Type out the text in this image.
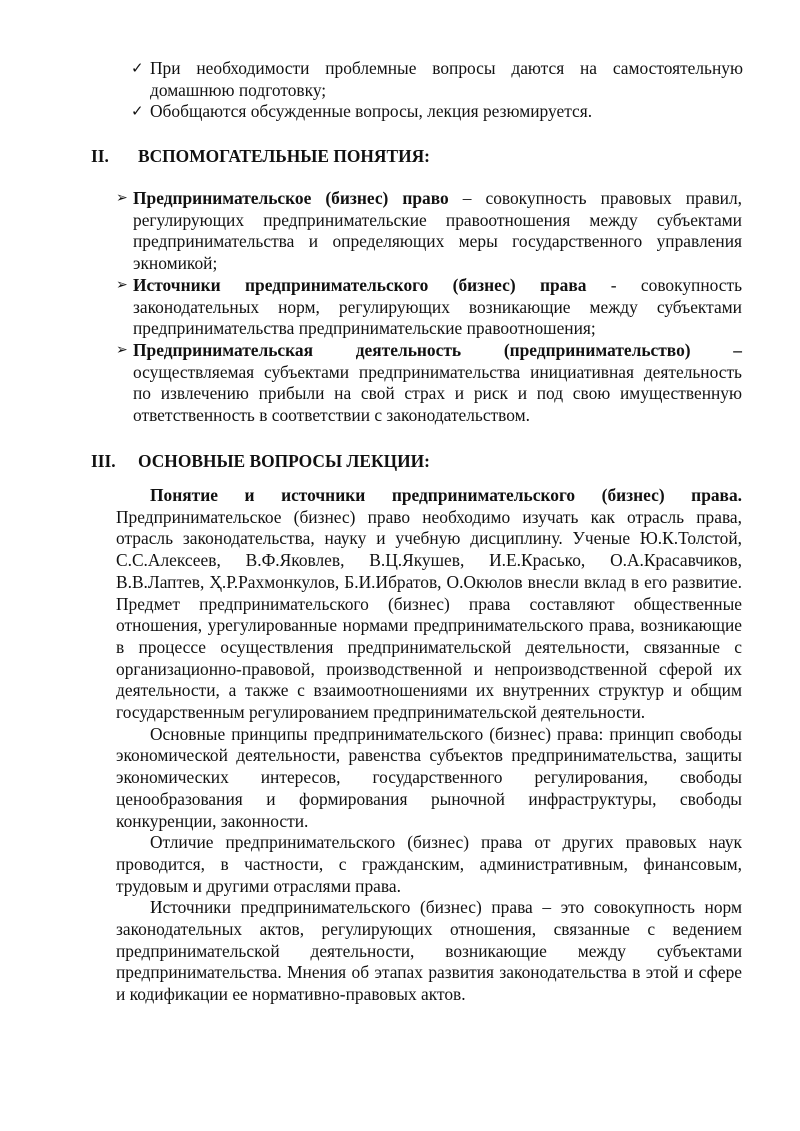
✓ При необходимости проблемные вопросы даются на самостоятельную домашнюю подготовку;
✓ Обобщаются обсужденные вопросы, лекция резюмируется.
II.	ВСПОМОГАТЕЛЬНЫЕ ПОНЯТИЯ:
➢ Предпринимательское (бизнес) право – совокупность правовых правил, регулирующих предпринимательские правоотношения между субъектами предпринимательства и определяющих меры государственного управления экномикой;
➢ Источники предпринимательского (бизнес) права - совокупность законодательных норм, регулирующих возникающие между субъектами предпринимательства предпринимательские правоотношения;
➢ Предпринимательская деятельность (предпринимательство) – осуществляемая субъектами предпринимательства инициативная деятельность по извлечению прибыли на свой страх и риск и под свою имущественную ответственность в соответствии с законодательством.
III.	ОСНОВНЫЕ ВОПРОСЫ ЛЕКЦИИ:

Понятие и источники предпринимательского (бизнес) права. Предпринимательское (бизнес) право необходимо изучать как отрасль права, отрасль законодательства, науку и учебную дисциплину. Ученые Ю.К.Толстой, С.С.Алексеев, В.Ф.Яковлев, В.Ц.Якушев, И.Е.Красько, О.А.Красавчиков, В.В.Лаптев, Ҳ.Р.Рахмонкулов, Б.И.Ибратов, О.Окюлов внесли вклад в его развитие. Предмет предпринимательского (бизнес) права составляют общественные отношения, урегулированные нормами предпринимательского права, возникающие в процессе осуществления предпринимательской деятельности, связанные с организационно-правовой, производственной и непроизводственной сферой их деятельности, а также с взаимоотношениями их внутренних структур и общим государственным регулированием предпринимательской деятельности.

Основные принципы предпринимательского (бизнес) права: принцип свободы экономической деятельности, равенства субъектов предпринимательства, защиты экономических интересов, государственного регулирования, свободы ценообразования и формирования рыночной инфраструктуры, свободы конкуренции, законности.

Отличие предпринимательского (бизнес) права от других правовых наук проводится, в частности, с гражданским, административным, финансовым, трудовым и другими отраслями права.

Источники предпринимательского (бизнес) права – это совокупность норм законодательных актов, регулирующих отношения, связанные с ведением предпринимательской деятельности, возникающие между субъектами предпринимательства. Мнения об этапах развития законодательства в этой и сфере и кодификации ее нормативно-правовых актов.
